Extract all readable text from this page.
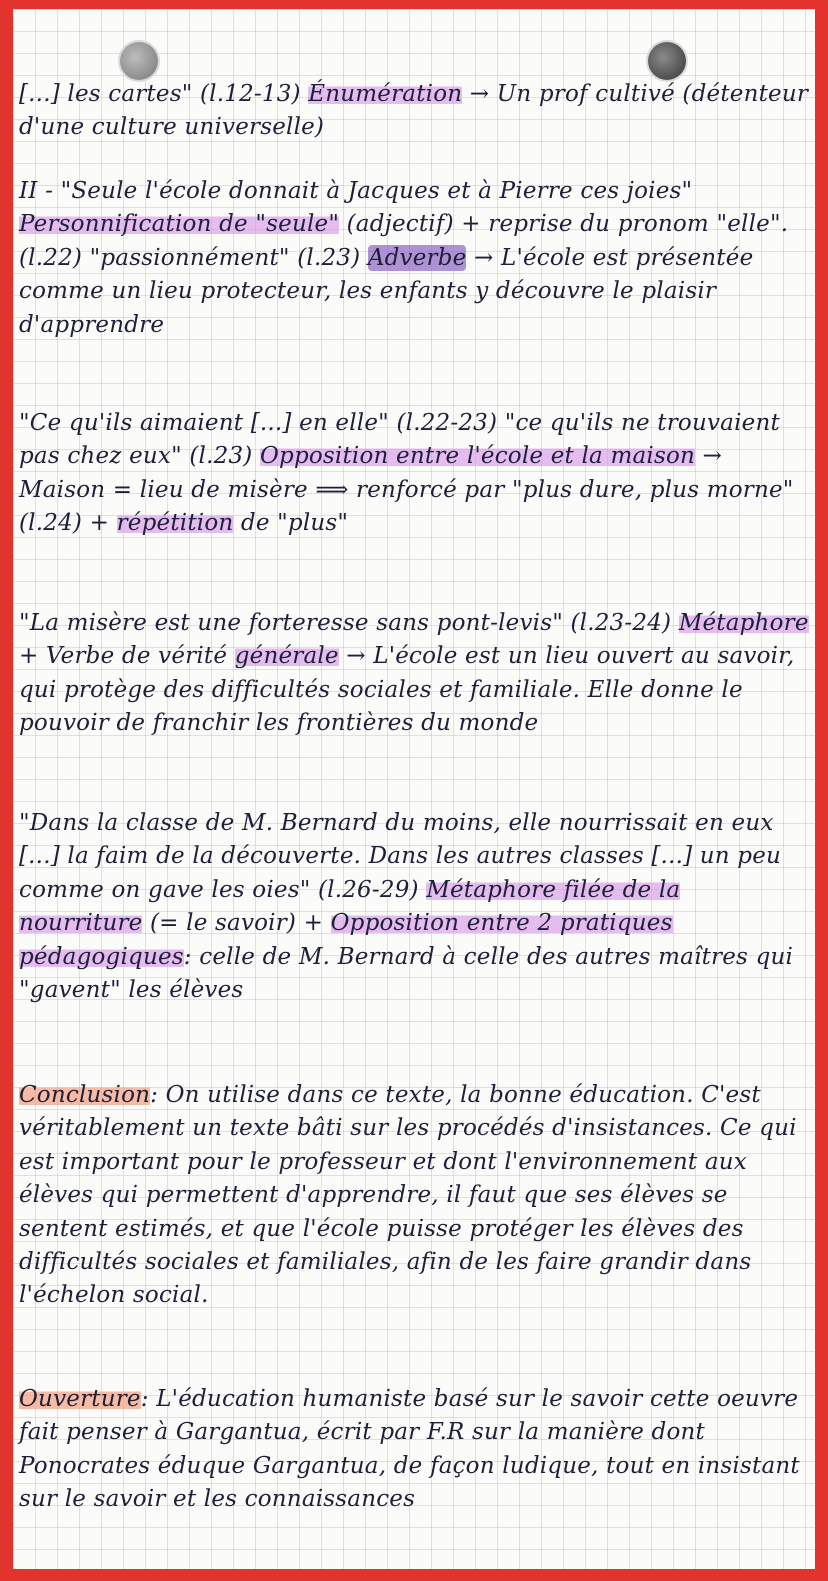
[...] les cartes" (l.12-13) Énumération → Un prof cultivé (détenteur d'une culture universelle)
II - "Seule l'école donnait à Jacques et à Pierre ces joies" Personnification de "seule" (adjectif) + reprise du pronom "elle". (l.22) "passionnément" (l.23) Adverbe → L'école est présentée comme un lieu protecteur, les enfants y découvre le plaisir d'apprendre
"Ce qu'ils aimaient [...] en elle" (l.22-23) "ce qu'ils ne trouvaient pas chez eux" (l.23) Opposition entre l'école et la maison → Maison = lieu de misère ⟹ renforcé par "plus dure, plus morne" (l.24) + répétition de "plus"
"La misère est une forteresse sans pont-levis" (l.23-24) Métaphore + Verbe de vérité générale → L'école est un lieu ouvert au savoir, qui protège des difficultés sociales et familiale. Elle donne le pouvoir de franchir les frontières du monde
"Dans la classe de M. Bernard du moins, elle nourrissait en eux [...] la faim de la découverte. Dans les autres classes [...] un peu comme on gave les oies" (l.26-29) Métaphore filée de la nourriture (= le savoir) + Opposition entre 2 pratiques pédagogiques: celle de M. Bernard à celle des autres maîtres qui "gavent" les élèves
Conclusion: On utilise dans ce texte, la bonne éducation. C'est véritablement un texte bâti sur les procédés d'insistances. Ce qui est important pour le professeur et dont l'environnement aux élèves qui permettent d'apprendre, il faut que ses élèves se sentent estimés, et que l'école puisse protéger les élèves des difficultés sociales et familiales, afin de les faire grandir dans l'échelon social.
Ouverture: L'éducation humaniste basé sur le savoir cette oeuvre fait penser à Gargantua, écrit par F.R sur la manière dont Ponocrates éduque Gargantua, de façon ludique, tout en insistant sur le savoir et les connaissances
